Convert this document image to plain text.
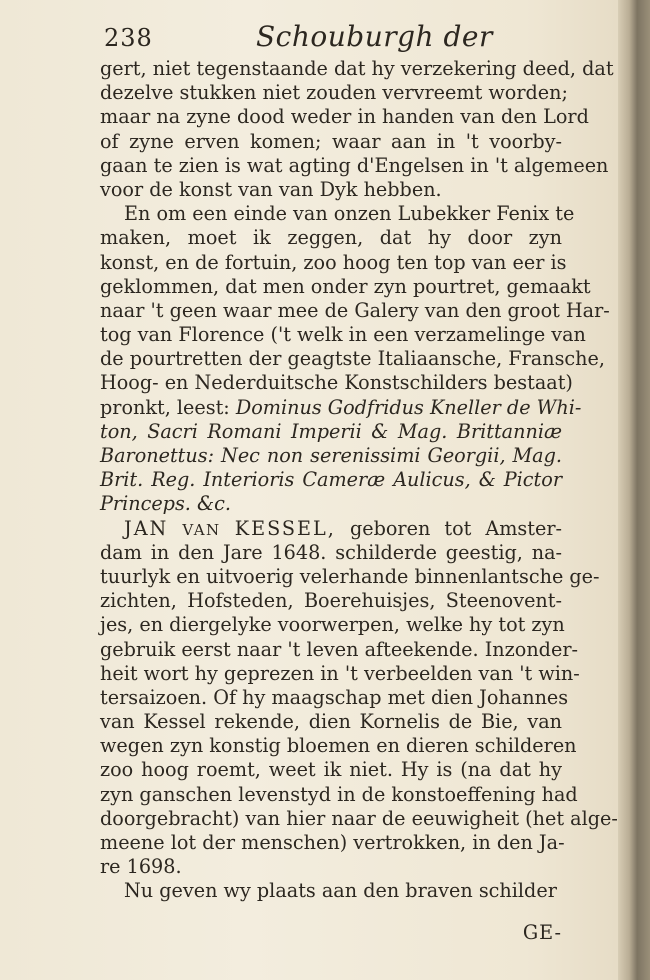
238	Schouburgh der
gert, niet tegenstaande dat hy verzekering deed, dat
dezelve stukken niet zouden vervreemt worden;
maar na zyne dood weder in handen van den Lord
of zyne erven komen; waar aan in 't voorby-
gaan te zien is wat agting d'Engelsen in 't algemeen
voor de konst van van Dyk hebben.
En om een einde van onzen Lubekker Fenix te
maken, moet ik zeggen, dat hy door zyn
konst, en de fortuin, zoo hoog ten top van eer is
geklommen, dat men onder zyn pourtret, gemaakt
naar 't geen waar mee de Galery van den groot Har-
tog van Florence ('t welk in een verzamelinge van
de pourtretten der geagtste Italiaansche, Fransche,
Hoog- en Nederduitsche Konstschilders bestaat)
pronkt, leest: Dominus Godfridus Kneller de Whi-
ton, Sacri Romani Imperii & Mag. Brittanniæ
Baronettus: Nec non serenissimi Georgii, Mag.
Brit. Reg. Interioris Cameræ Aulicus, & Pictor
Princeps. &c.
JAN VAN KESSEL, geboren tot Amster-
dam in den Jare 1648. schilderde geestig, na-
tuurlyk en uitvoerig velerhande binnenlantsche ge-
zichten, Hofsteden, Boerehuisjes, Steenovent-
jes, en diergelyke voorwerpen, welke hy tot zyn
gebruik eerst naar 't leven afteekende. Inzonder-
heit wort hy geprezen in 't verbeelden van 't win-
tersaizoen. Of hy maagschap met dien Johannes
van Kessel rekende, dien Kornelis de Bie, van
wegen zyn konstig bloemen en dieren schilderen
zoo hoog roemt, weet ik niet. Hy is (na dat hy
zyn ganschen levenstyd in de konstoeffening had
doorgebracht) van hier naar de eeuwigheit (het alge-
meene lot der menschen) vertrokken, in den Ja-
re 1698.
Nu geven wy plaats aan den braven schilder
GE-
